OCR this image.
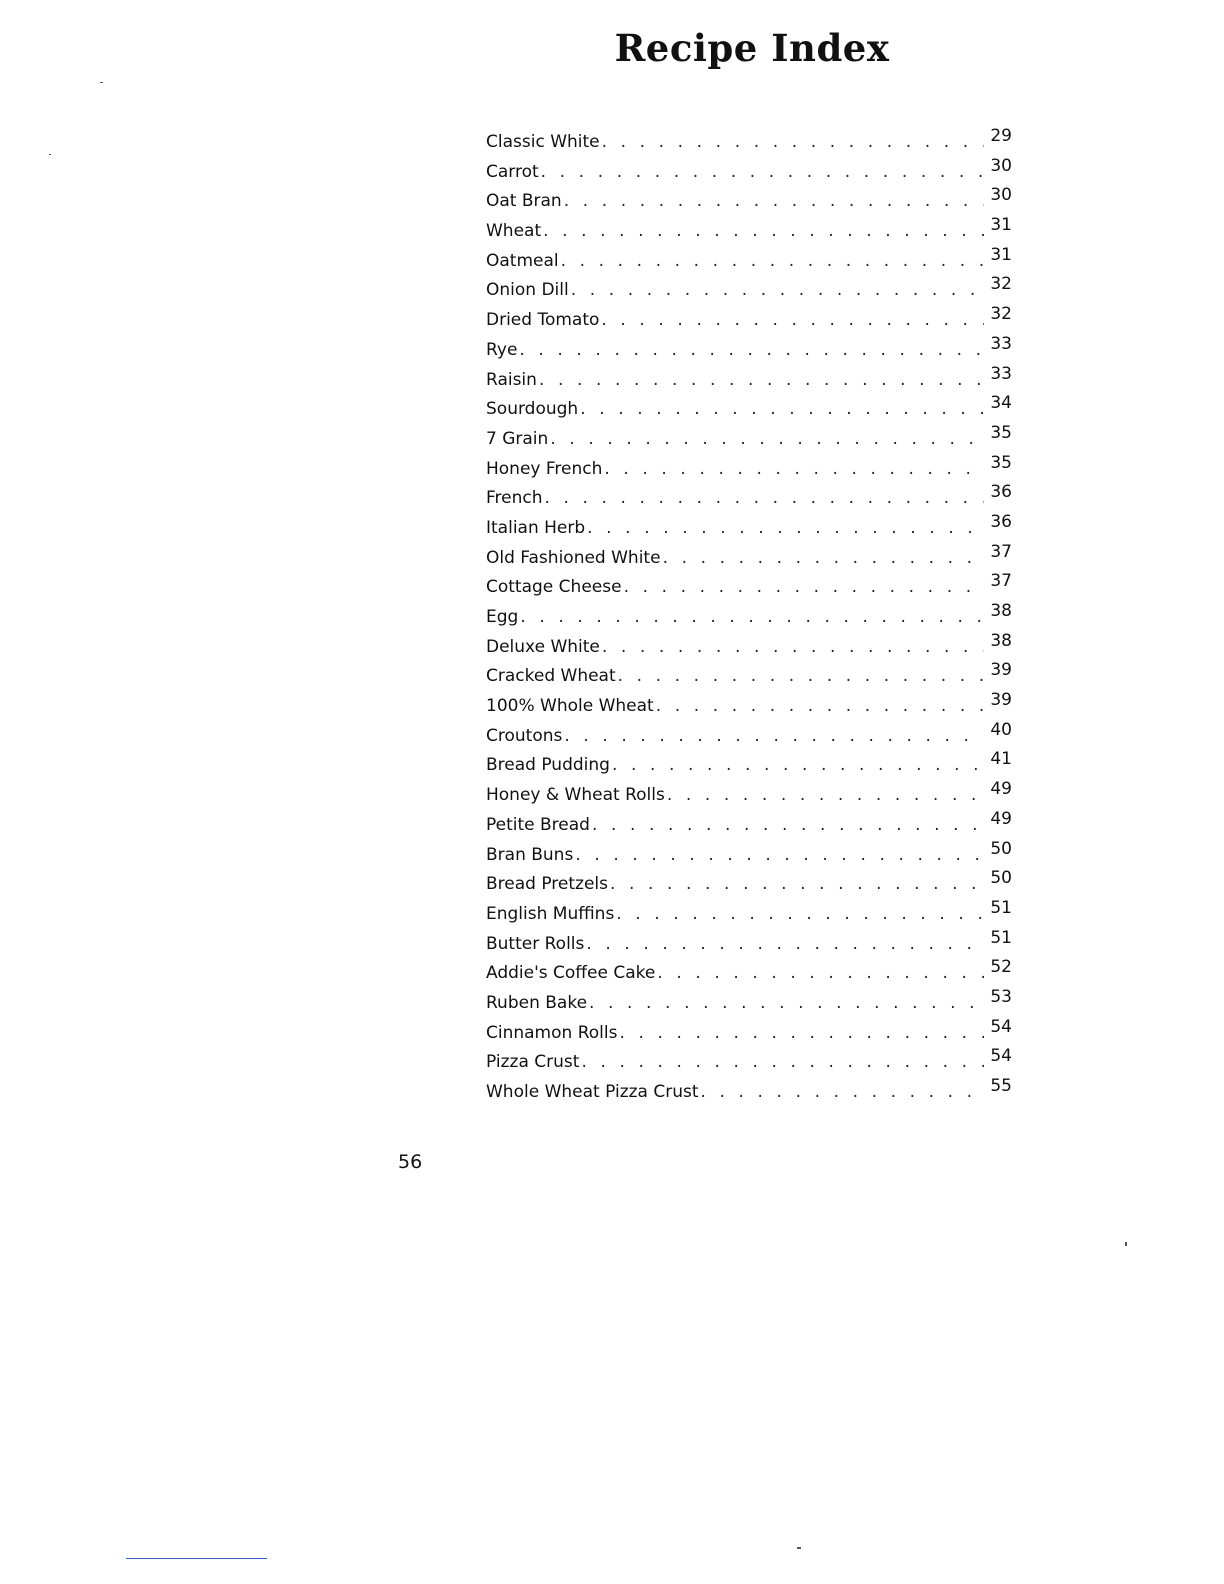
Recipe Index
Classic White . . .	29
Carrot . . .	30
Oat Bran . . .	30
Wheat . . .	31
Oatmeal . . .	31
Onion Dill . . .	32
Dried Tomato . . .	32
Rye . . .	33
Raisin . . .	33
Sourdough . . .	34
7 Grain . . .	35
Honey French . . .	35
French . . .	36
Italian Herb . . .	36
Old Fashioned White . . .	37
Cottage Cheese . . .	37
Egg . . .	38
Deluxe White . . .	38
Cracked Wheat . . .	39
100% Whole Wheat . . .	39
Croutons . . .	40
Bread Pudding . . .	41
Honey & Wheat Rolls . . .	49
Petite Bread . . .	49
Bran Buns . . .	50
Bread Pretzels . . .	50
English Muffins . . .	51
Butter Rolls . . .	51
Addie's Coffee Cake . . .	52
Ruben Bake . . .	53
Cinnamon Rolls . . .	54
Pizza Crust . . .	54
Whole Wheat Pizza Crust . . .	55
56
